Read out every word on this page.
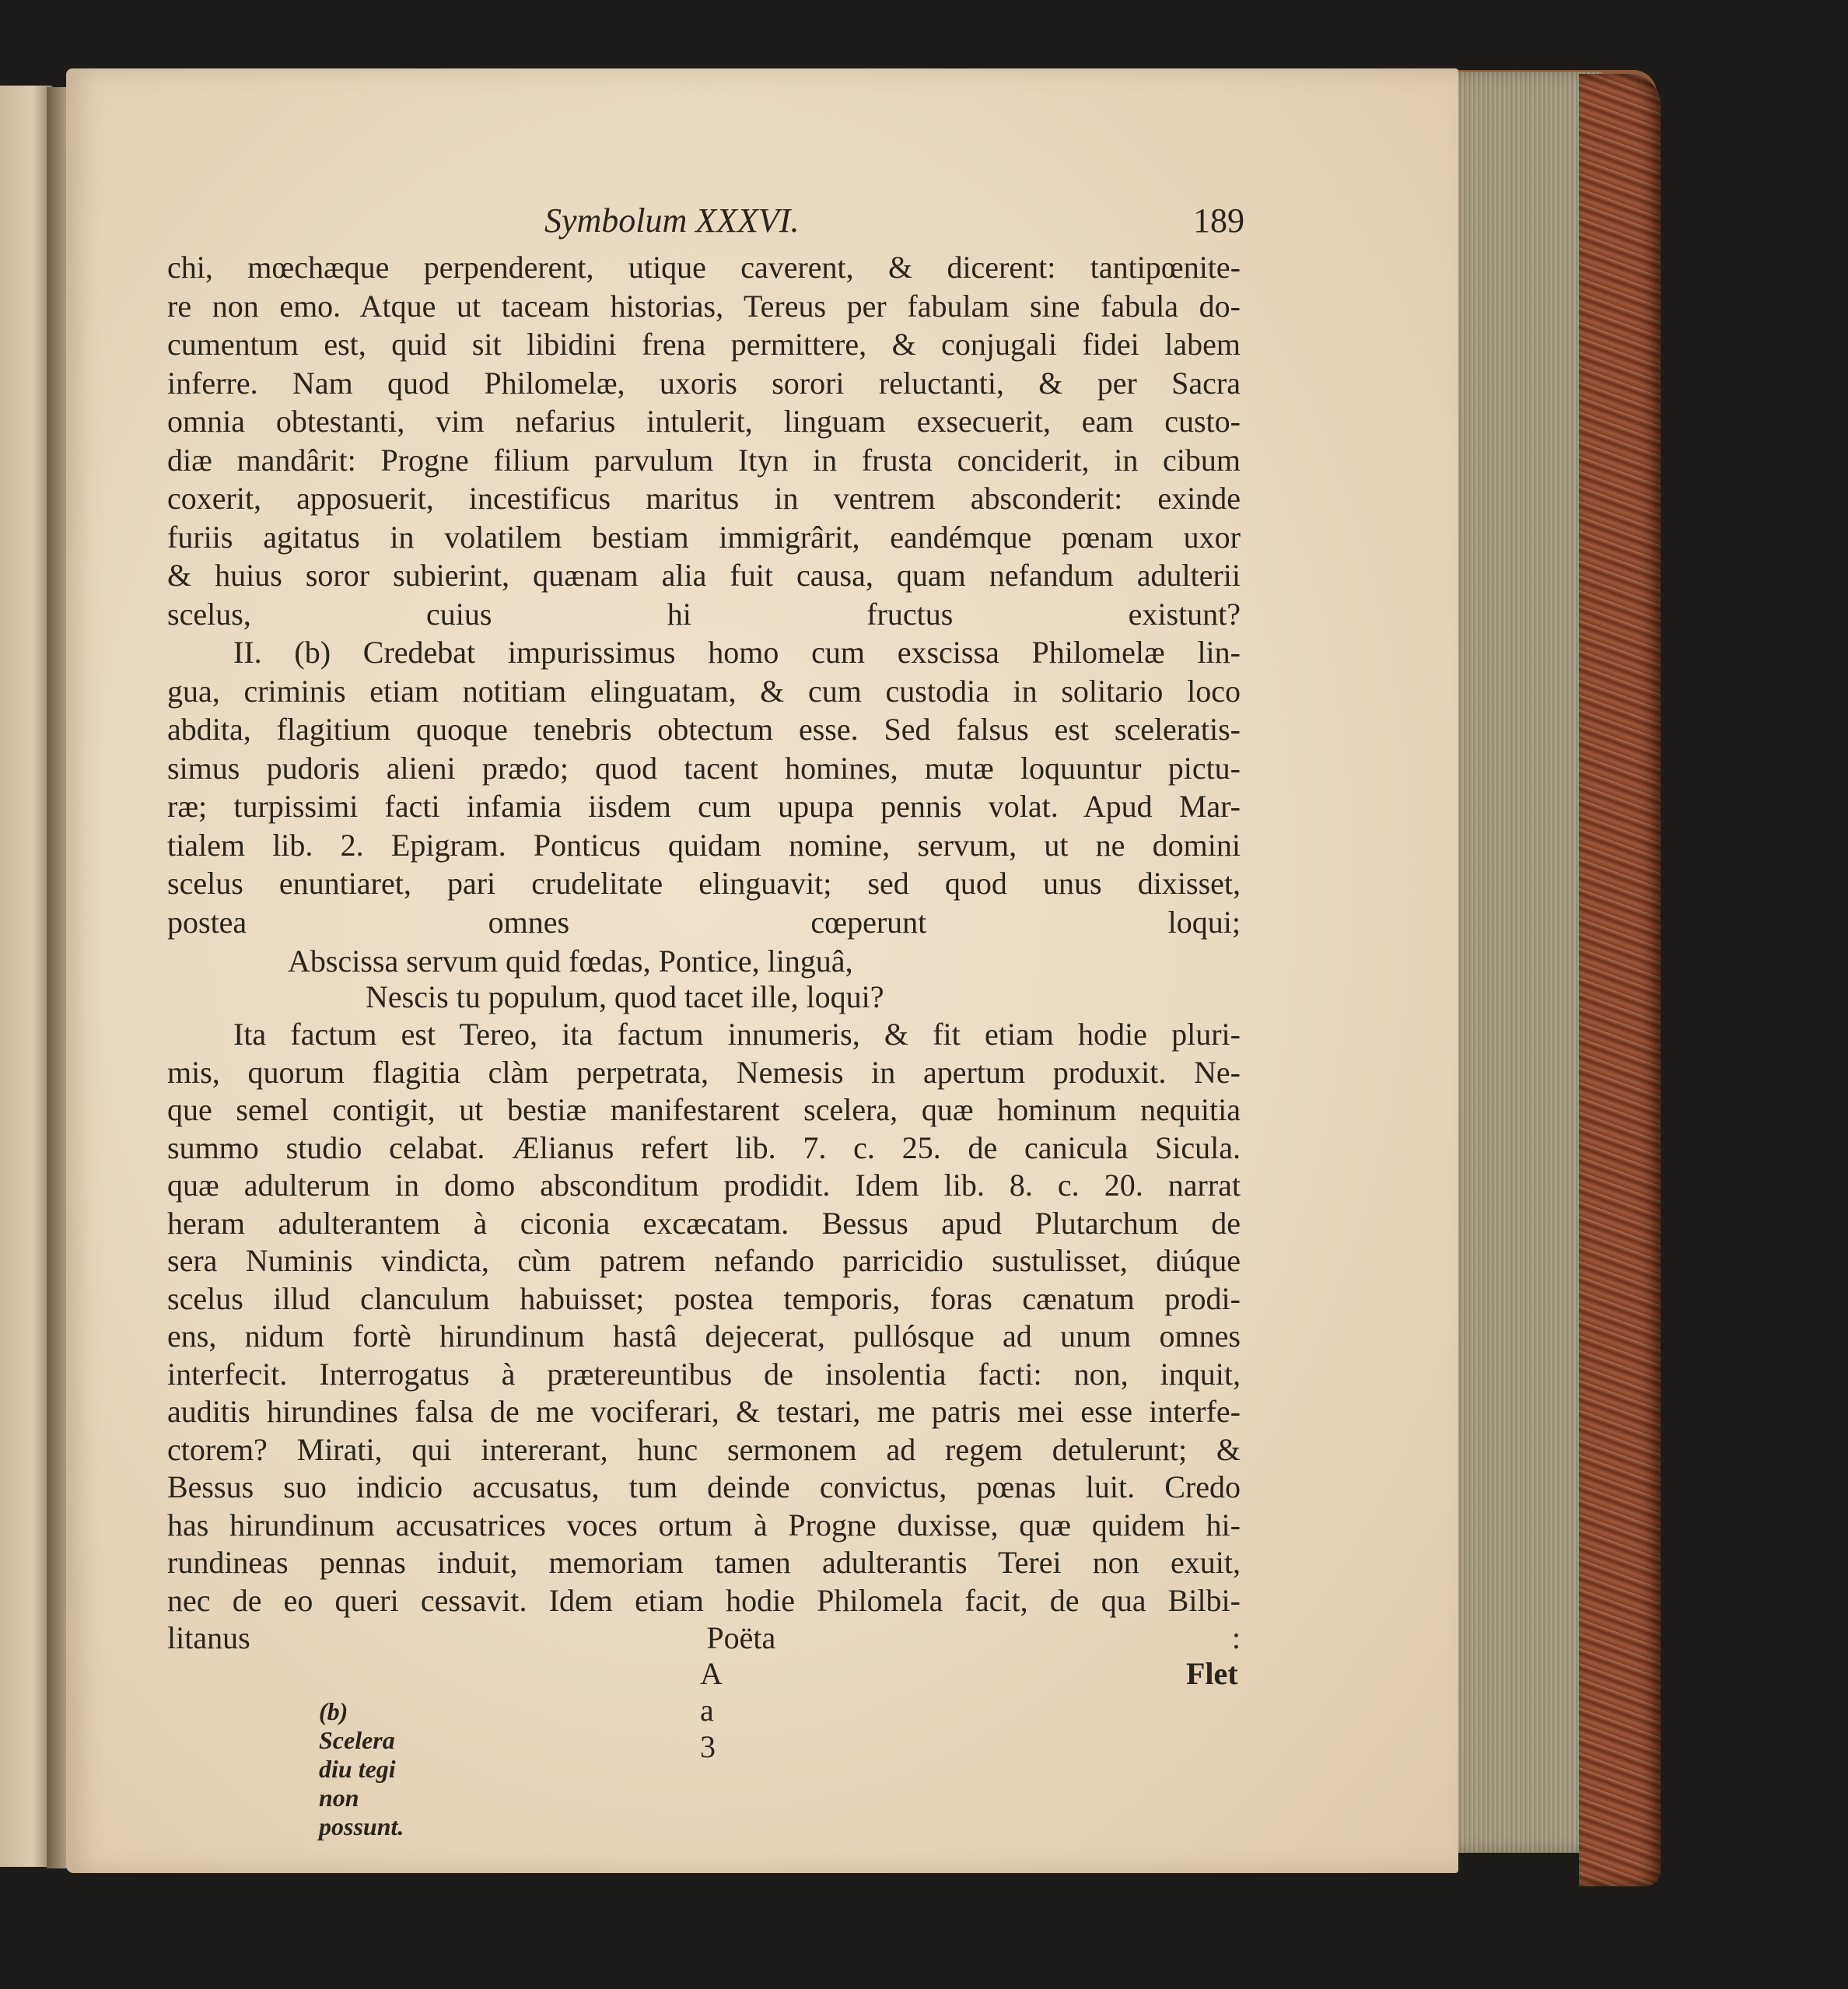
Symbolum XXXVI.	189
chi, mœchæque perpenderent, utique caverent, & dicerent: tantipœnite-
re non emo. Atque ut taceam historias, Tereus per fabulam sine fabula do-
cumentum est, quid sit libidini frena permittere, & conjugali fidei labem
inferre. Nam quod Philomelæ, uxoris sorori reluctanti, & per Sacra
omnia obtestanti, vim nefarius intulerit, linguam exsecuerit, eam custo-
diæ mandârit: Progne filium parvulum Ityn in frusta conciderit, in cibum
coxerit, apposuerit, incestificus maritus in ventrem absconderit: exinde
furiis agitatus in volatilem bestiam immigrârit, eandémque pœnam uxor
& huius soror subierint, quænam alia fuit causa, quam nefandum adulterii
scelus, cuius hi fructus existunt?
II. (b) Credebat impurissimus homo cum exscissa Philomelæ lin-
gua, criminis etiam notitiam elinguatam, & cum custodia in solitario loco
abdita, flagitium quoque tenebris obtectum esse. Sed falsus est sceleratis-
simus pudoris alieni prædo; quod tacent homines, mutæ loquuntur pictu-
ræ; turpissimi facti infamia iisdem cum upupa pennis volat. Apud Mar-
tialem lib. 2. Epigram. Ponticus quidam nomine, servum, ut ne domini
scelus enuntiaret, pari crudelitate elinguavit; sed quod unus dixisset,
postea omnes cœperunt loqui;
Abscissa servum quid fœdas, Pontice, linguâ,
Nescis tu populum, quod tacet ille, loqui?
Ita factum est Tereo, ita factum innumeris, & fit etiam hodie pluri-
mis, quorum flagitia clàm perpetrata, Nemesis in apertum produxit. Ne-
que semel contigit, ut bestiæ manifestarent scelera, quæ hominum nequitia
summo studio celabat. Ælianus refert lib. 7. c. 25. de canicula Sicula.
quæ adulterum in domo absconditum prodidit. Idem lib. 8. c. 20. narrat
heram adulterantem à ciconia excæcatam. Bessus apud Plutarchum de
sera Numinis vindicta, cùm patrem nefando parricidio sustulisset, diúque
scelus illud clanculum habuisset; postea temporis, foras cænatum prodi-
ens, nidum fortè hirundinum hastâ dejecerat, pullósque ad unum omnes
interfecit. Interrogatus à prætereuntibus de insolentia facti: non, inquit,
auditis hirundines falsa de me vociferari, & testari, me patris mei esse interfe-
ctorem? Mirati, qui intererant, hunc sermonem ad regem detulerunt; &
Bessus suo indicio accusatus, tum deinde convictus, pœnas luit. Credo
has hirundinum accusatrices voces ortum à Progne duxisse, quæ quidem hi-
rundineas pennas induit, memoriam tamen adulterantis Terei non exuit,
nec de eo queri cessavit. Idem etiam hodie Philomela facit, de qua Bilbi-
litanus Poëta :
A a 3
Flet
(b) Scelera diu tegi non possunt.
